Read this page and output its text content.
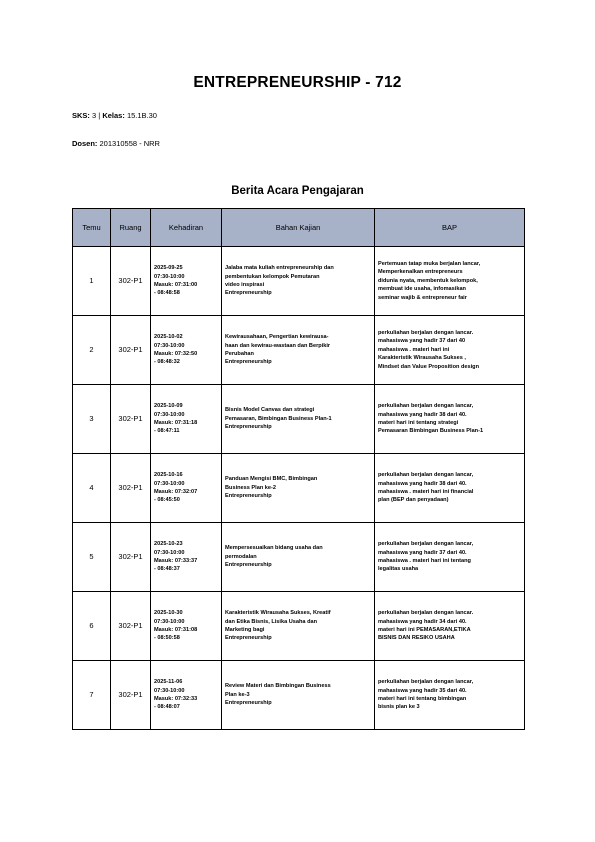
ENTREPRENEURSHIP - 712
SKS: 3 | Kelas: 15.1B.30
Dosen: 201310558 - NRR
Berita Acara Pengajaran
Temu	Ruang	Kehadiran	Bahan Kajian	BAP
1	302-P1	2025-09-25
07:30-10:00
Masuk: 07:31:00
- 08:48:58	Jalaba mata kuliah entrepreneurship dan
pembentukan kelompok Pemutaran
video inspirasi
Entrepreneurship	Pertemuan tatap muka berjalan lancar,
Memperkenalkan entrepreneurs
didunia nyata, membentuk kelompok,
membuat ide usaha, infomasikan
seminar wajib & entrepreneur fair

2	302-P1	2025-10-02
07:30-10:00
Masuk: 07:32:50
- 08:48:32	Kewirausahaan, Pengertian kewirausa-
haan dan kewirau-wastaan dan Berpikir
Perubahan
Entrepreneurship	perkuliahan berjalan dengan lancar.
mahasiswa yang hadir 37 dari 40
mahasiswa . materi hari ini
Karakteristik Wirausaha Sukses ,
Mindset dan Value Proposition design

3	302-P1	2025-10-09
07:30-10:00
Masuk: 07:31:18
- 08:47:11	Bisnis Model Canvas dan strategi
Pemasaran, Bimbingan Business Plan-1
Entrepreneurship	perkuliahan berjalan dengan lancar,
mahasiswa yang hadir 38 dari 40.
materi hari ini tentang strategi
Pemasaran Bimbingan Business Plan-1

4	302-P1	2025-10-16
07:30-10:00
Masuk: 07:32:07
- 08:45:50	Panduan Mengisi BMC, Bimbingan
Business Plan ke-2
Entrepreneurship	perkuliahan berjalan dengan lancar,
mahasiswa yang hadir 38 dari 40.
mahasiswa . materi hari ini financial
plan (BEP dan penyadaan)

5	302-P1	2025-10-23
07:30-10:00
Masuk: 07:33:37
- 08:48:37	Mempersesuaikan bidang usaha dan
permodalan
Entrepreneurship	perkuliahan berjalan dengan lancar,
mahasiswa yang hadir 37 dari 40.
mahasiswa . materi hari ini tentang
legalitas usaha

6	302-P1	2025-10-30
07:30-10:00
Masuk: 07:31:08
- 08:50:58	Karakteristik Wirausaha Sukses, Kreatif
dan Etika Bisnis, Lisika Usaha dan
Marketing bagi
Entrepreneurship	perkuliahan berjalan dengan lancar.
mahasiswa yang hadir 34 dari 40.
materi hari ini PEMASARAN,ETIKA
BISNIS DAN RESIKO USAHA

7	302-P1	2025-11-06
07:30-10:00
Masuk: 07:32:33
- 08:48:07	Review Materi dan Bimbingan Business
Plan ke-3
Entrepreneurship	perkuliahan berjalan dengan lancar,
mahasiswa yang hadir 35 dari 40.
materi hari ini tentang bimbingan
bisnis plan ke 3
